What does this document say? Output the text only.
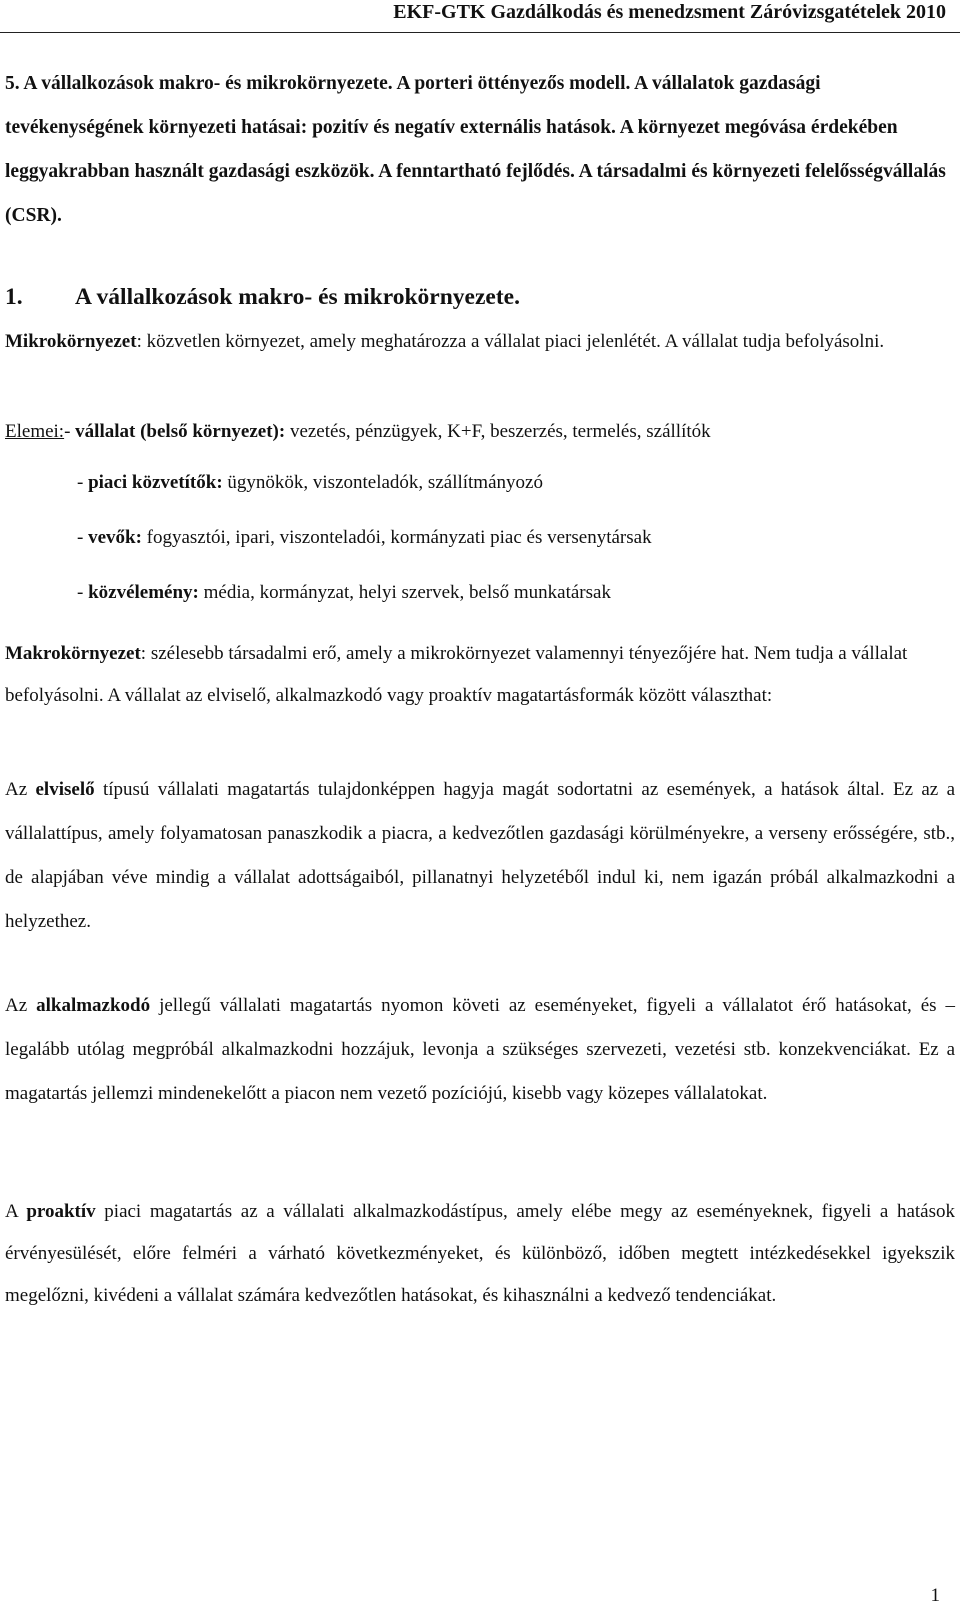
EKF-GTK Gazdálkodás és menedzsment Záróvizsgatételek 2010
5. A vállalkozások makro- és mikrokörnyezete. A porteri öttényezős modell. A vállalatok gazdasági tevékenységének környezeti hatásai: pozitív és negatív externális hatások. A környezet megóvása érdekében leggyakrabban használt gazdasági eszközök. A fenntartható fejlődés. A társadalmi és környezeti felelősségvállalás (CSR).
1. A vállalkozások makro- és mikrokörnyezete.
Mikrokörnyezet: közvetlen környezet, amely meghatározza a vállalat piaci jelenlétét. A vállalat tudja befolyásolni.
Elemei:- vállalat (belső környezet): vezetés, pénzügyek, K+F, beszerzés, termelés, szállítók
- piaci közvetítők: ügynökök, viszonteladók, szállítmányozó
- vevők: fogyasztói, ipari, viszonteladói, kormányzati piac és versenytársak
- közvélemény: média, kormányzat, helyi szervek, belső munkatársak
Makrokörnyezet: szélesebb társadalmi erő, amely a mikrokörnyezet valamennyi tényezőjére hat. Nem tudja a vállalat befolyásolni. A vállalat az elviselő, alkalmazkodó vagy proaktív magatartásformák között választhat:
Az elviselő típusú vállalati magatartás tulajdonképpen hagyja magát sodortatni az események, a hatások által. Ez az a vállalattípus, amely folyamatosan panaszkodik a piacra, a kedvezőtlen gazdasági körülményekre, a verseny erősségére, stb., de alapjában véve mindig a vállalat adottságaiból, pillanatnyi helyzetéből indul ki, nem igazán próbál alkalmazkodni a helyzethez.
Az alkalmazkodó jellegű vállalati magatartás nyomon követi az eseményeket, figyeli a vállalatot érő hatásokat, és – legalább utólag megpróbál alkalmazkodni hozzájuk, levonja a szükséges szervezeti, vezetési stb. konzekvenciákat. Ez a magatartás jellemzi mindenekelőtt a piacon nem vezető pozíciójú, kisebb vagy közepes vállalatokat.
A proaktív piaci magatartás az a vállalati alkalmazkodástípus, amely elébe megy az eseményeknek, figyeli a hatások érvényesülését, előre felméri a várható következményeket, és különböző, időben megtett intézkedésekkel igyekszik megelőzni, kivédeni a vállalat számára kedvezőtlen hatásokat, és kihasználni a kedvező tendenciákat.
1
